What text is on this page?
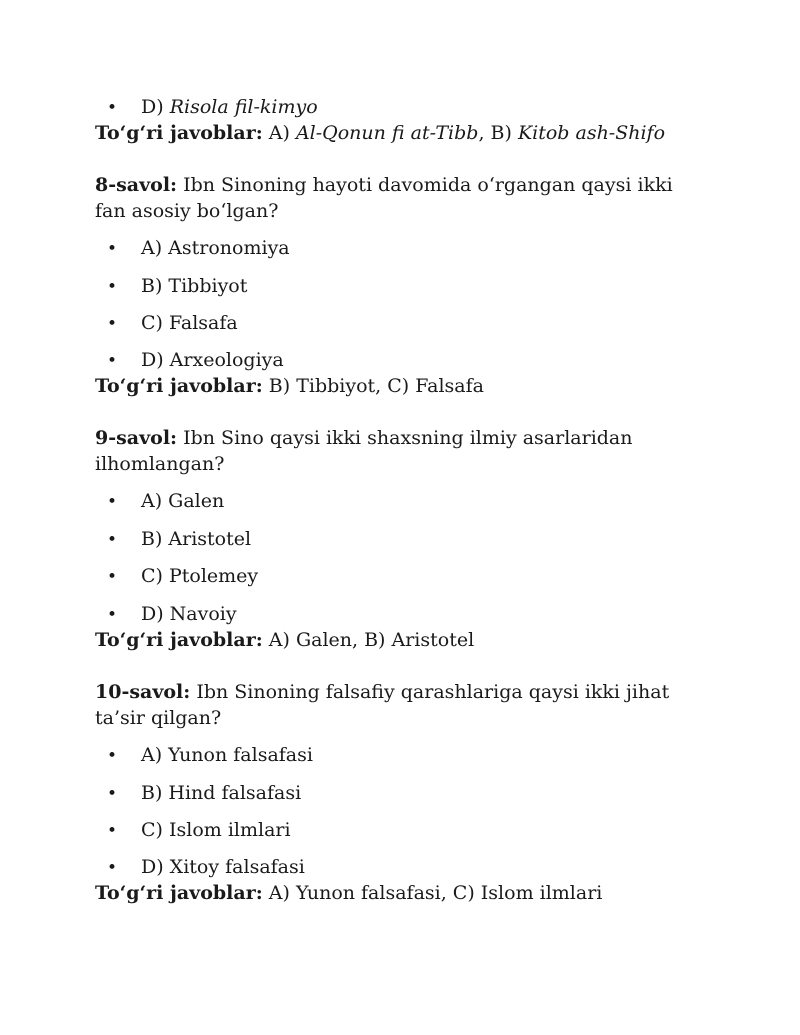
• D) Risola fil-kimyo
To‘g‘ri javoblar: A) Al-Qonun fi at-Tibb, B) Kitob ash-Shifo
8-savol: Ibn Sinoning hayoti davomida o‘rgangan qaysi ikki fan asosiy bo‘lgan?
• A) Astronomiya
• B) Tibbiyot
• C) Falsafa
• D) Arxeologiya
To‘g‘ri javoblar: B) Tibbiyot, C) Falsafa
9-savol: Ibn Sino qaysi ikki shaxsning ilmiy asarlaridan ilhomlangan?
• A) Galen
• B) Aristotel
• C) Ptolemey
• D) Navoiy
To‘g‘ri javoblar: A) Galen, B) Aristotel
10-savol: Ibn Sinoning falsafiy qarashlariga qaysi ikki jihat ta’sir qilgan?
• A) Yunon falsafasi
• B) Hind falsafasi
• C) Islom ilmlari
• D) Xitoy falsafasi
To‘g‘ri javoblar: A) Yunon falsafasi, C) Islom ilmlari
